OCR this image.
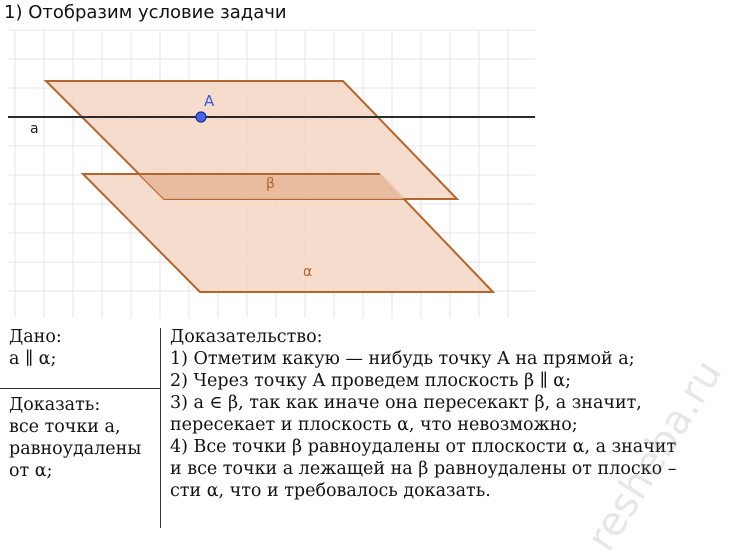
1) Отобразим условие задачи
A
a
β
α
Дано:
a ∥ α;
Доказать:
все точки a,
равноудалены
от α;
Доказательство:
1) Отметим какую — нибудь точку A на прямой a;
2) Через точку A проведем плоскость β ∥ α;
3) a ∈ β, так как иначе она пересекакт β, а значит,
пересекает и плоскость α, что невозможно;
4) Все точки β равноудалены от плоскости α, а значит
и все точки a лежащей на β равноудалены от плоско –
сти α, что и требовалось доказать.	resheba.ru
